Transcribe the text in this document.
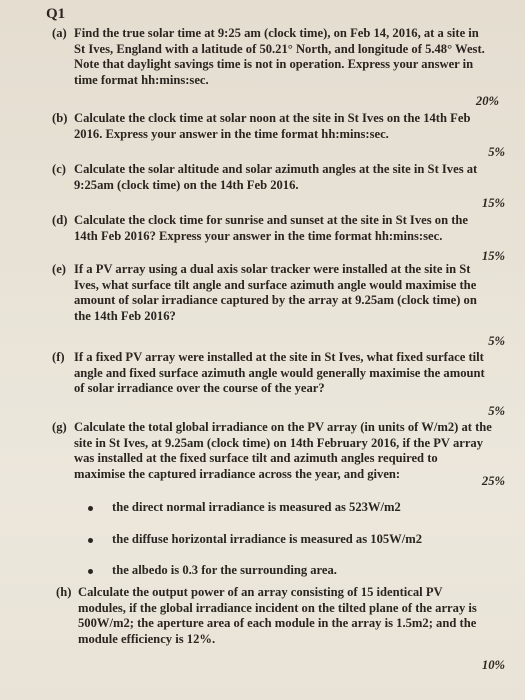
Q1
(a) Find the true solar time at 9:25 am (clock time), on Feb 14, 2016, at a site in
St Ives, England with a latitude of 50.21° North, and longitude of 5.48° West.
Note that daylight savings time is not in operation. Express your answer in
time format hh:mins:sec.
(b) Calculate the clock time at solar noon at the site in St Ives on the 14th Feb
2016. Express your answer in the time format hh:mins:sec.
(c) Calculate the solar altitude and solar azimuth angles at the site in St Ives at
9:25am (clock time) on the 14th Feb 2016.
(d) Calculate the clock time for sunrise and sunset at the site in St Ives on the
14th Feb 2016? Express your answer in the time format hh:mins:sec.
(e) If a PV array using a dual axis solar tracker were installed at the site in St
Ives, what surface tilt angle and surface azimuth angle would maximise the
amount of solar irradiance captured by the array at 9.25am (clock time) on
the 14th Feb 2016?
(f) If a fixed PV array were installed at the site in St Ives, what fixed surface tilt
angle and fixed surface azimuth angle would generally maximise the amount
of solar irradiance over the course of the year?
(g) Calculate the total global irradiance on the PV array (in units of W/m2) at the
site in St Ives, at 9.25am (clock time) on 14th February 2016, if the PV array
was installed at the fixed surface tilt and azimuth angles required to
maximise the captured irradiance across the year, and given:
(h) Calculate the output power of an array consisting of 15 identical PV
modules, if the global irradiance incident on the tilted plane of the array is
500W/m2; the aperture area of each module in the array is 1.5m2; and the
module efficiency is 12%.
20%
5%
15%
15%
5%
5%
25%
10%
the direct normal irradiance is measured as 523W/m2
the diffuse horizontal irradiance is measured as 105W/m2
the albedo is 0.3 for the surrounding area.
